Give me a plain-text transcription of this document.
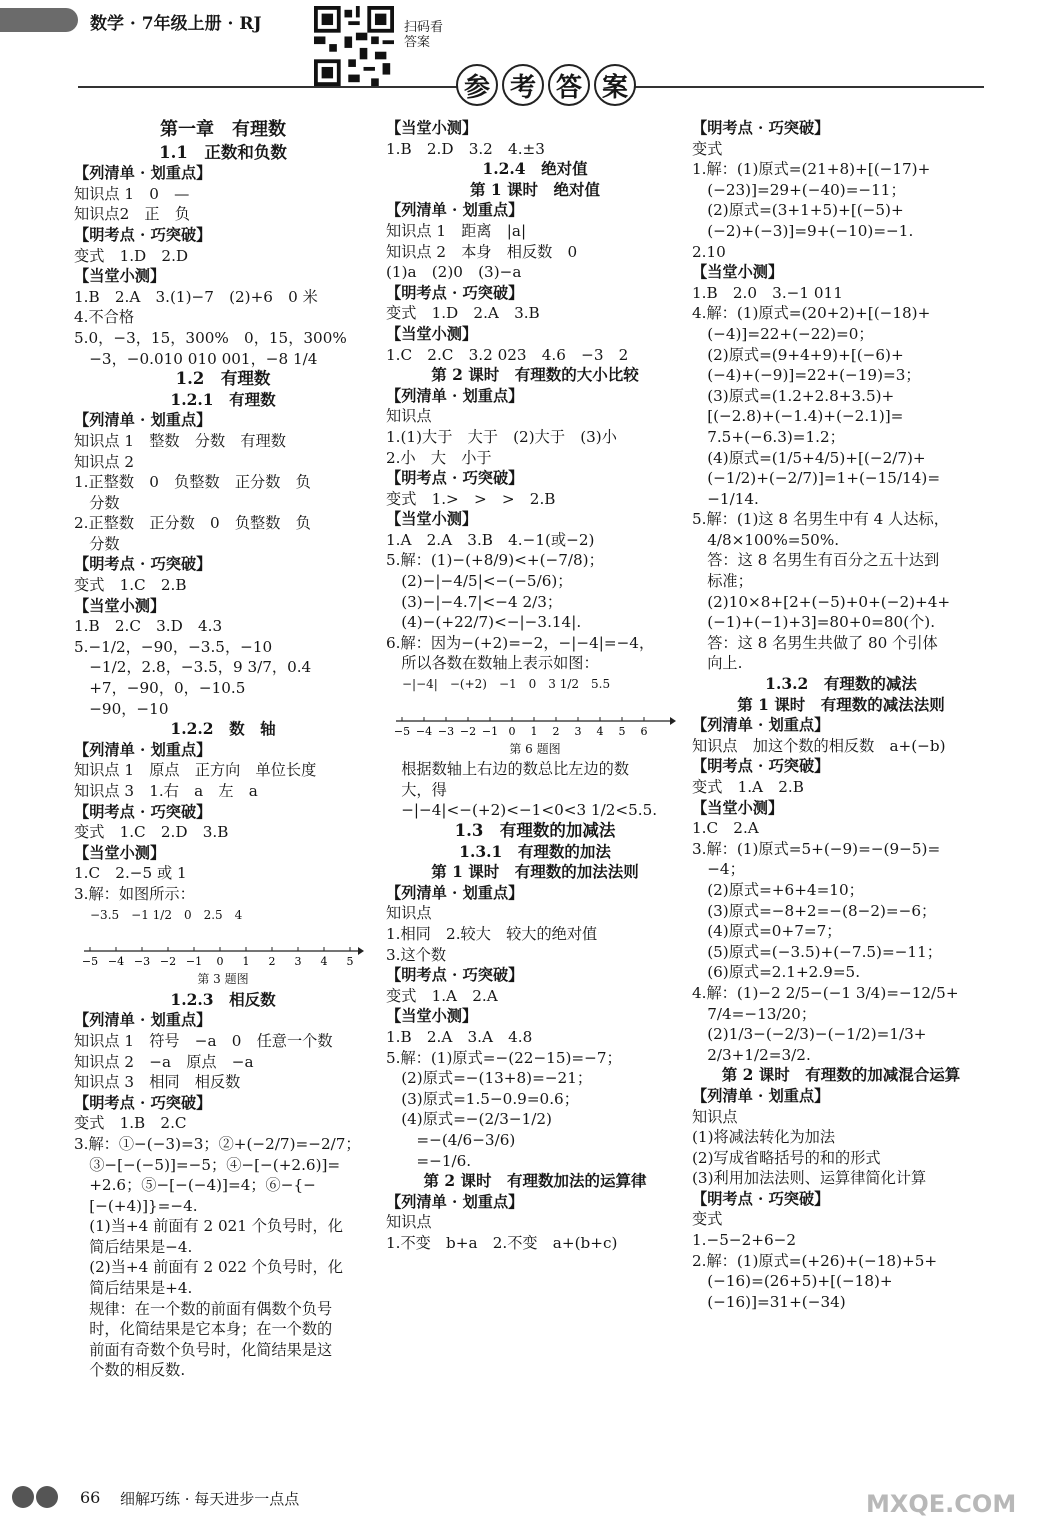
数学 · 7年级上册 · RJ	扫码看答案
参 考 答 案

第一章　有理数

1.1　正数和负数

【列清单 · 划重点】

知识点 1　0　—

知识点2　正　负

【明考点 · 巧突破】

变式　1.D　2.D

【当堂小测】

1.B　2.A　3.(1)−7　(2)+6　0 米

4.不合格

5.0，−3，15，300%　0，15，300%

　−3，−0.010 010 001，−8 1/4

1.2　有理数

1.2.1　有理数

【列清单 · 划重点】

知识点 1　整数　分数　有理数

知识点 2

1.正整数　0　负整数　正分数　负

　分数

2.正整数　正分数　0　负整数　负

　分数

【明考点 · 巧突破】

变式　1.C　2.B

【当堂小测】

1.B　2.C　3.D　4.3

5.−1/2，−90，−3.5，−10

　−1/2，2.8，−3.5，9 3/7，0.4

　+7，−90，0，−10.5

　−90，−10

1.2.2　数　轴

【列清单 · 划重点】

知识点 1　原点　正方向　单位长度

知识点 3　1.右　a　左　a

【明考点 · 巧突破】

变式　1.C　2.D　3.B

【当堂小测】

1.C　2.−5 或 1

3.解：如图所示：

−3.5　−1 1/2　0　2.5　4

−5 −4 −3 −2 −1 0 1 2 3 4 5

第 3 题图

1.2.3　相反数

【列清单 · 划重点】

知识点 1　符号　−a　0　任意一个数

知识点 2　−a　原点　−a

知识点 3　相同　相反数

【明考点 · 巧突破】

变式　1.B　2.C

3.解：①−(−3)=3；②+(−2/7)=−2/7；

　③−[−(−5)]=−5；④−[−(+2.6)]=

　+2.6；⑤−[−(−4)]=4；⑥−{−

　[−(+4)]}=−4.

　(1)当+4 前面有 2 021 个负号时，化

　简后结果是−4.

　(2)当+4 前面有 2 022 个负号时，化

　简后结果是+4.

　规律：在一个数的前面有偶数个负号

　时，化简结果是它本身；在一个数的

　前面有奇数个负号时，化简结果是这

　个数的相反数.

【当堂小测】

1.B　2.D　3.2　4.±3

1.2.4　绝对值

第 1 课时　绝对值

【列清单 · 划重点】

知识点 1　距离　|a|

知识点 2　本身　相反数　0

(1)a　(2)0　(3)−a

【明考点 · 巧突破】

变式　1.D　2.A　3.B

【当堂小测】

1.C　2.C　3.2 023　4.6　−3　2

第 2 课时　有理数的大小比较

【列清单 · 划重点】

知识点

1.(1)大于　大于　(2)大于　(3)小

2.小　大　小于

【明考点 · 巧突破】

变式　1.>　>　>　2.B

【当堂小测】

1.A　2.A　3.B　4.−1(或−2)

5.解：(1)−(+8/9)<+(−7/8)；

　(2)−|−4/5|<−(−5/6)；

　(3)−|−4.7|<−4 2/3；

　(4)−(+22/7)<−|−3.14|.

6.解：因为−(+2)=−2，−|−4|=−4，

　所以各数在数轴上表示如图：

−|−4|　−(+2)　−1　0　3 1/2　5.5

−5 −4 −3 −2 −1 0 1 2 3 4 5 6

第 6 题图

　根据数轴上右边的数总比左边的数

　大，得

　−|−4|<−(+2)<−1<0<3 1/2<5.5.

1.3　有理数的加减法

1.3.1　有理数的加法

第 1 课时　有理数的加法法则

【列清单 · 划重点】

知识点

1.相同　2.较大　较大的绝对值

3.这个数

【明考点 · 巧突破】

变式　1.A　2.A

【当堂小测】

1.B　2.A　3.A　4.8

5.解：(1)原式=−(22−15)=−7；

　(2)原式=−(13+8)=−21；

　(3)原式=1.5−0.9=0.6；

　(4)原式=−(2/3−1/2)

　　=−(4/6−3/6)

　　=−1/6.

第 2 课时　有理数加法的运算律

【列清单 · 划重点】

知识点

1.不变　b+a　2.不变　a+(b+c)

【明考点 · 巧突破】

变式

1.解：(1)原式=(21+8)+[(−17)+

　(−23)]=29+(−40)=−11；

　(2)原式=(3+1+5)+[(−5)+

　(−2)+(−3)]=9+(−10)=−1.

2.10

【当堂小测】

1.B　2.0　3.−1 011

4.解：(1)原式=(20+2)+[(−18)+

　(−4)]=22+(−22)=0；

　(2)原式=(9+4+9)+[(−6)+

　(−4)+(−9)]=22+(−19)=3；

　(3)原式=(1.2+2.8+3.5)+

　[(−2.8)+(−1.4)+(−2.1)]=

　7.5+(−6.3)=1.2；

　(4)原式=(1/5+4/5)+[(−2/7)+

　(−1/2)+(−2/7)]=1+(−15/14)=

　−1/14.

5.解：(1)这 8 名男生中有 4 人达标，

　4/8×100%=50%.

　答：这 8 名男生有百分之五十达到

　标准；

　(2)10×8+[2+(−5)+0+(−2)+4+

　(−1)+(−1)+3]=80+0=80(个).

　答：这 8 名男生共做了 80 个引体

　向上.

1.3.2　有理数的减法

第 1 课时　有理数的减法法则

【列清单 · 划重点】

知识点　加这个数的相反数　a+(−b)

【明考点 · 巧突破】

变式　1.A　2.B

【当堂小测】

1.C　2.A

3.解：(1)原式=5+(−9)=−(9−5)=

　−4；

　(2)原式=+6+4=10；

　(3)原式=−8+2=−(8−2)=−6；

　(4)原式=0+7=7；

　(5)原式=(−3.5)+(−7.5)=−11；

　(6)原式=2.1+2.9=5.

4.解：(1)−2 2/5−(−1 3/4)=−12/5+

　7/4=−13/20；

　(2)1/3−(−2/3)−(−1/2)=1/3+

　2/3+1/2=3/2.

第 2 课时　有理数的加减混合运算

【列清单 · 划重点】

知识点

(1)将减法转化为加法

(2)写成省略括号的和的形式

(3)利用加法法则、运算律简化计算

【明考点 · 巧突破】

变式

1.−5−2+6−2

2.解：(1)原式=(+26)+(−18)+5+

　(−16)=(26+5)+[(−18)+

　(−16)]=31+(−34)

66 细解巧练 · 每天进步一点点	MXQE.COM
